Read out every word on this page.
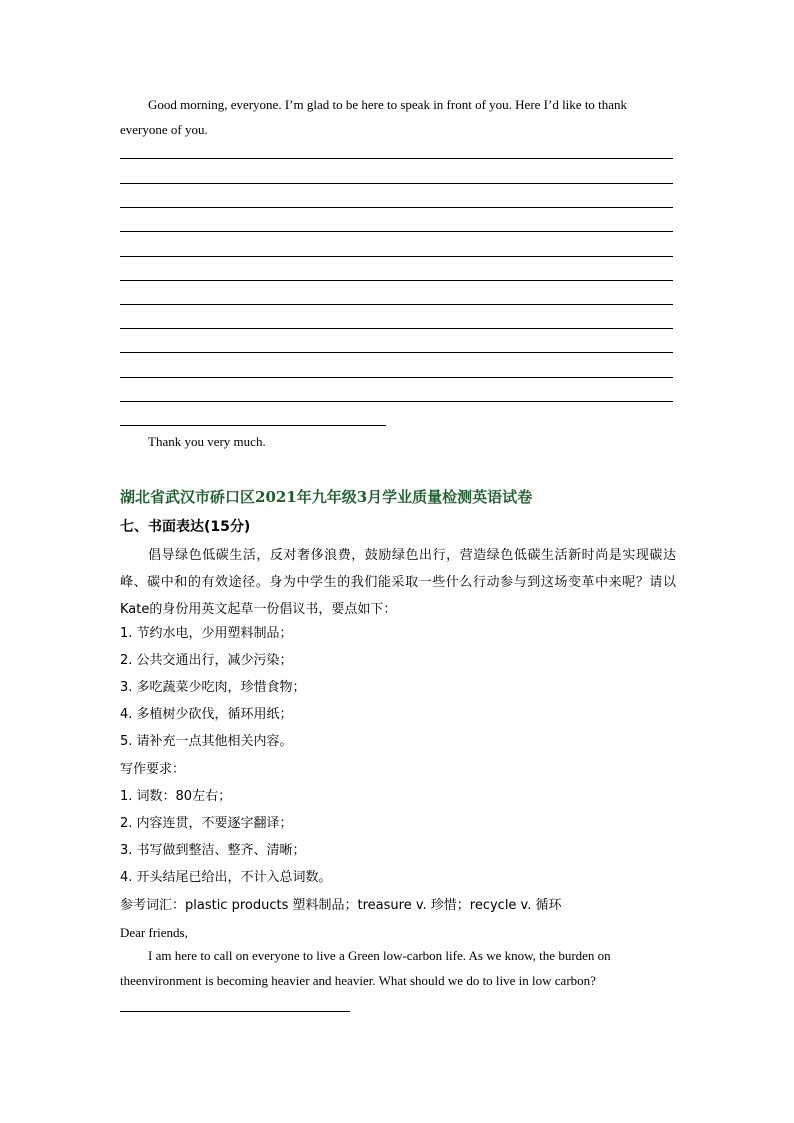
Good morning, everyone. I’m glad to be here to speak in front of you. Here I’d like to thank everyone of you.

Thank you very much.

湖北省武汉市硚口区2021年九年级3月学业质量检测英语试卷
七、书面表达(15分)

倡导绿色低碳生活，反对奢侈浪费，鼓励绿色出行，营造绿色低碳生活新时尚是实现碳达峰、碳中和的有效途径。身为中学生的我们能采取一些什么行动参与到这场变革中来呢？请以Kate的身份用英文起草一份倡议书，要点如下：

1. 节约水电，少用塑料制品；

2. 公共交通出行，减少污染；

3. 多吃蔬菜少吃肉，珍惜食物；

4. 多植树少砍伐，循环用纸；

5. 请补充一点其他相关内容。

写作要求：

1. 词数：80左右；

2. 内容连贯，不要逐字翻译；

3. 书写做到整洁、整齐、清晰；

4. 开头结尾已给出，不计入总词数。

参考词汇：plastic products 塑料制品；treasure v. 珍惜；recycle v. 循环

Dear friends,

I am here to call on everyone to live a Green low-carbon life. As we know, the burden on

theenvironment is becoming heavier and heavier. What should we do to live in low carbon?
